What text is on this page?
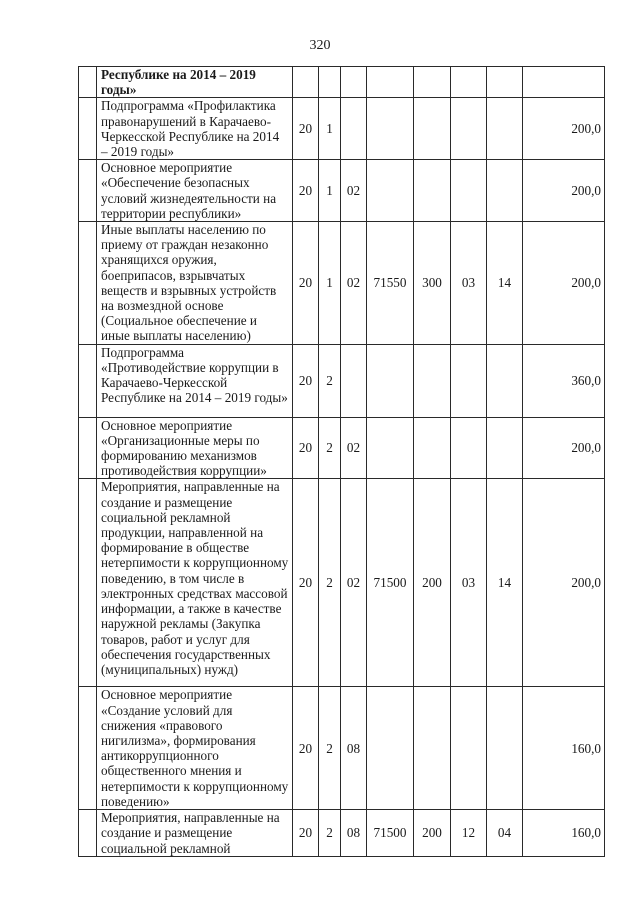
320
	Республике на 2014 – 2019 годы»								
	Подпрограмма «Профилактика правонарушений в Карачаево-Черкесской Республике на 2014 – 2019 годы»	20	1						200,0
	Основное мероприятие «Обеспечение безопасных условий жизнедеятельности на территории республики»	20	1	02					200,0
	Иные выплаты населению по приему от граждан незаконно хранящихся оружия, боеприпасов, взрывчатых веществ и взрывных устройств на возмездной основе (Социальное обеспечение и иные выплаты населению)	20	1	02	71550	300	03	14	200,0
	Подпрограмма «Противодействие коррупции в Карачаево-Черкесской Республике на 2014 – 2019 годы»	20	2						360,0
	Основное мероприятие «Организационные меры по формированию механизмов противодействия коррупции»	20	2	02					200,0
	Мероприятия, направленные на создание и размещение социальной рекламной продукции, направленной на формирование в обществе нетерпимости к коррупционному поведению, в том числе в электронных средствах массовой информации, а также в качестве наружной рекламы (Закупка товаров, работ и услуг для обеспечения государственных (муниципальных) нужд)	20	2	02	71500	200	03	14	200,0
	Основное мероприятие «Создание условий для снижения «правового нигилизма», формирования антикоррупционного общественного мнения и нетерпимости к коррупционному поведению»	20	2	08					160,0
	Мероприятия, направленные на создание и размещение социальной рекламной	20	2	08	71500	200	12	04	160,0
